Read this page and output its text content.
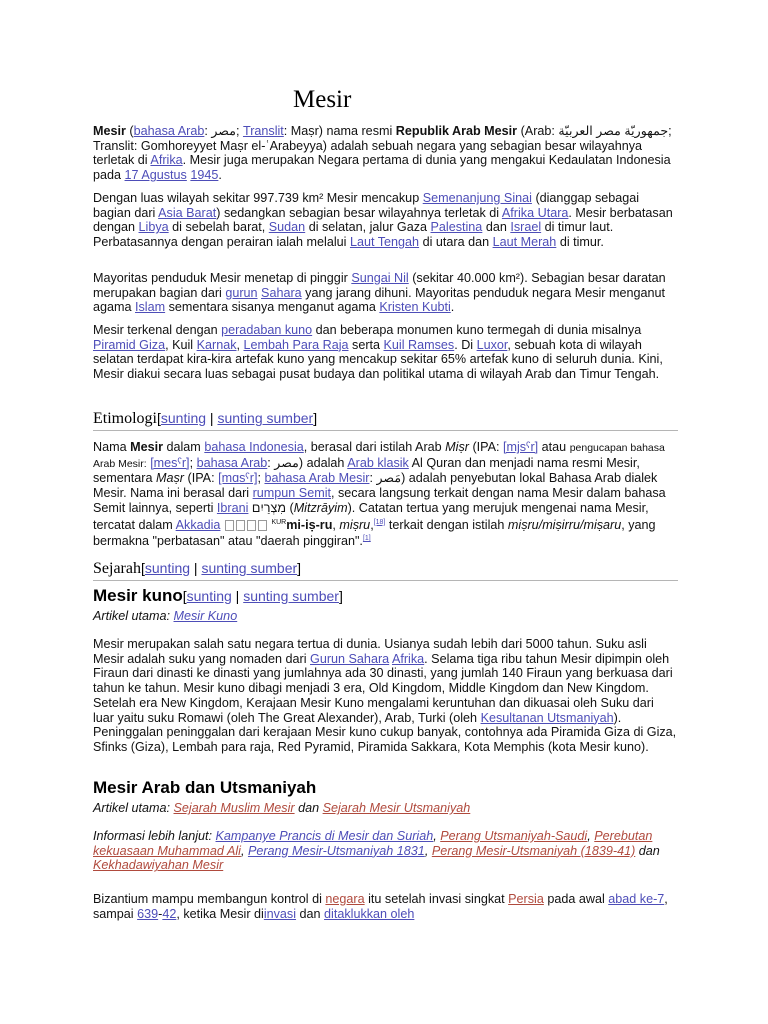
Mesir

Mesir (bahasa Arab: مصر; Translit: Maṣr) nama resmi Republik Arab Mesir (Arab: جمهوريّة مصر العربيّة; Translit: Gomhoreyyet Maṣr el-ʿArabeyya) adalah sebuah negara yang sebagian besar wilayahnya terletak di Afrika. Mesir juga merupakan Negara pertama di dunia yang mengakui Kedaulatan Indonesia pada 17 Agustus 1945.

Dengan luas wilayah sekitar 997.739 km² Mesir mencakup Semenanjung Sinai (dianggap sebagai bagian dari Asia Barat) sedangkan sebagian besar wilayahnya terletak di Afrika Utara. Mesir berbatasan dengan Libya di sebelah barat, Sudan di selatan, jalur Gaza Palestina dan Israel di timur laut. Perbatasannya dengan perairan ialah melalui Laut Tengah di utara dan Laut Merah di timur.

Mayoritas penduduk Mesir menetap di pinggir Sungai Nil (sekitar 40.000 km²). Sebagian besar daratan merupakan bagian dari gurun Sahara yang jarang dihuni. Mayoritas penduduk negara Mesir menganut agama Islam sementara sisanya menganut agama Kristen Kubti.

Mesir terkenal dengan peradaban kuno dan beberapa monumen kuno termegah di dunia misalnya Piramid Giza, Kuil Karnak, Lembah Para Raja serta Kuil Ramses. Di Luxor, sebuah kota di wilayah selatan terdapat kira-kira artefak kuno yang mencakup sekitar 65% artefak kuno di seluruh dunia. Kini, Mesir diakui secara luas sebagai pusat budaya dan politikal utama di wilayah Arab dan Timur Tengah.

Etimologi[sunting | sunting sumber]

Nama Mesir dalam bahasa Indonesia, berasal dari istilah Arab Miṣr (IPA: [mjsˤr] atau pengucapan bahasa Arab Mesir: [mesˤr]; bahasa Arab: مصر) adalah Arab klasik Al Quran dan menjadi nama resmi Mesir, sementara Maṣr (IPA: [mɑsˤr]; bahasa Arab Mesir: مَصر) adalah penyebutan lokal Bahasa Arab dialek Mesir. Nama ini berasal dari rumpun Semit, secara langsung terkait dengan nama Mesir dalam bahasa Semit lainnya, seperti Ibrani מִצְרַיִם (Mitzrāyim). Catatan tertua yang merujuk mengenai nama Mesir, tercatat dalam Akkadia	$^{KUR}$mi-iṣ-ru, miṣru,[18] terkait dengan istilah miṣru/miṣirru/miṣaru, yang bermakna "perbatasan" atau "daerah pinggiran".[1]

Sejarah[sunting | sunting sumber]
Mesir kuno[sunting | sunting sumber]

Artikel utama: Mesir Kuno

Mesir merupakan salah satu negara tertua di dunia. Usianya sudah lebih dari 5000 tahun. Suku asli Mesir adalah suku yang nomaden dari Gurun Sahara Afrika. Selama tiga ribu tahun Mesir dipimpin oleh Firaun dari dinasti ke dinasti yang jumlahnya ada 30 dinasti, yang jumlah 140 Firaun yang berkuasa dari tahun ke tahun. Mesir kuno dibagi menjadi 3 era, Old Kingdom, Middle Kingdom dan New Kingdom. Setelah era New Kingdom, Kerajaan Mesir Kuno mengalami keruntuhan dan dikuasai oleh Suku dari luar yaitu suku Romawi (oleh The Great Alexander), Arab, Turki (oleh Kesultanan Utsmaniyah). Peninggalan peninggalan dari kerajaan Mesir kuno cukup banyak, contohnya ada Piramida Giza di Giza, Sfinks (Giza), Lembah para raja, Red Pyramid, Piramida Sakkara, Kota Memphis (kota Mesir kuno).

Mesir Arab dan Utsmaniyah

Artikel utama: Sejarah Muslim Mesir dan Sejarah Mesir Utsmaniyah

Informasi lebih lanjut: Kampanye Prancis di Mesir dan Suriah, Perang Utsmaniyah-Saudi, Perebutan kekuasaan Muhammad Ali, Perang Mesir-Utsmaniyah 1831, Perang Mesir-Utsmaniyah (1839-41) dan Kekhadawiyahan Mesir

Bizantium mampu membangun kontrol di negara itu setelah invasi singkat Persia pada awal abad ke-7, sampai 639-42, ketika Mesir diinvasi dan ditaklukkan oleh
